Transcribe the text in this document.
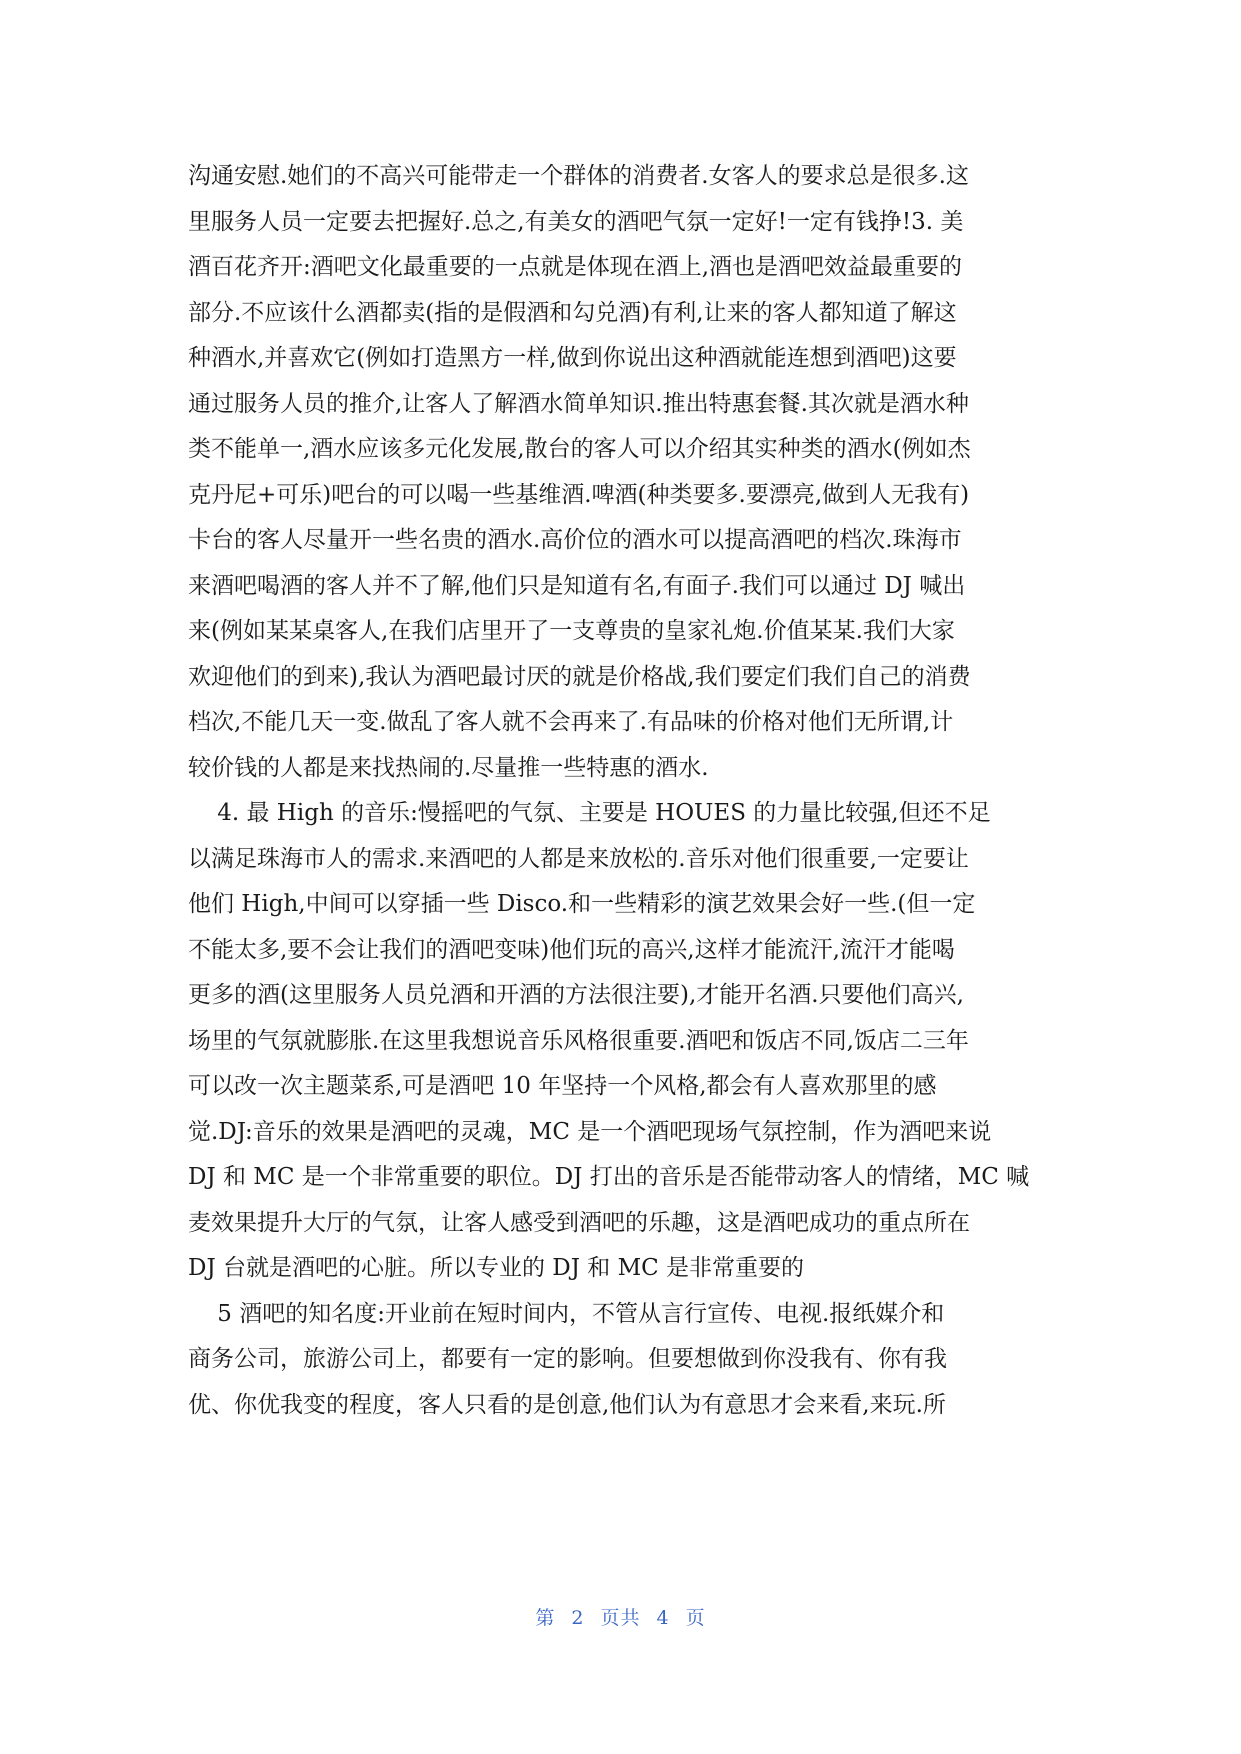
沟通安慰.她们的不高兴可能带走一个群体的消费者.女客人的要求总是很多.这
里服务人员一定要去把握好.总之,有美女的酒吧气氛一定好!一定有钱挣!3. 美
酒百花齐开:酒吧文化最重要的一点就是体现在酒上,酒也是酒吧效益最重要的
部分.不应该什么酒都卖(指的是假酒和勾兑酒)有利,让来的客人都知道了解这
种酒水,并喜欢它(例如打造黑方一样,做到你说出这种酒就能连想到酒吧)这要
通过服务人员的推介,让客人了解酒水简单知识.推出特惠套餐.其次就是酒水种
类不能单一,酒水应该多元化发展,散台的客人可以介绍其实种类的酒水(例如杰
克丹尼+可乐)吧台的可以喝一些基维酒.啤酒(种类要多.要漂亮,做到人无我有)
卡台的客人尽量开一些名贵的酒水.高价位的酒水可以提高酒吧的档次.珠海市
来酒吧喝酒的客人并不了解,他们只是知道有名,有面子.我们可以通过 DJ 喊出
来(例如某某桌客人,在我们店里开了一支尊贵的皇家礼炮.价值某某.我们大家
欢迎他们的到来),我认为酒吧最讨厌的就是价格战,我们要定们我们自己的消费
档次,不能几天一变.做乱了客人就不会再来了.有品味的价格对他们无所谓,计
较价钱的人都是来找热闹的.尽量推一些特惠的酒水.
4. 最 High 的音乐:慢摇吧的气氛、主要是 HOUES 的力量比较强,但还不足
以满足珠海市人的需求.来酒吧的人都是来放松的.音乐对他们很重要,一定要让
他们 High,中间可以穿插一些 Disco.和一些精彩的演艺效果会好一些.(但一定
不能太多,要不会让我们的酒吧变味)他们玩的高兴,这样才能流汗,流汗才能喝
更多的酒(这里服务人员兑酒和开酒的方法很注要),才能开名酒.只要他们高兴,
场里的气氛就膨胀.在这里我想说音乐风格很重要.酒吧和饭店不同,饭店二三年
可以改一次主题菜系,可是酒吧 10 年坚持一个风格,都会有人喜欢那里的感
觉.DJ:音乐的效果是酒吧的灵魂，MC 是一个酒吧现场气氛控制，作为酒吧来说
DJ 和 MC 是一个非常重要的职位。DJ 打出的音乐是否能带动客人的情绪，MC 喊
麦效果提升大厅的气氛，让客人感受到酒吧的乐趣，这是酒吧成功的重点所在
DJ 台就是酒吧的心脏。所以专业的 DJ 和 MC 是非常重要的
5 酒吧的知名度:开业前在短时间内，不管从言行宣传、电视.报纸媒介和
商务公司，旅游公司上，都要有一定的影响。但要想做到你没我有、你有我
优、你优我变的程度，客人只看的是创意,他们认为有意思才会来看,来玩.所
第 2 页共 4 页
